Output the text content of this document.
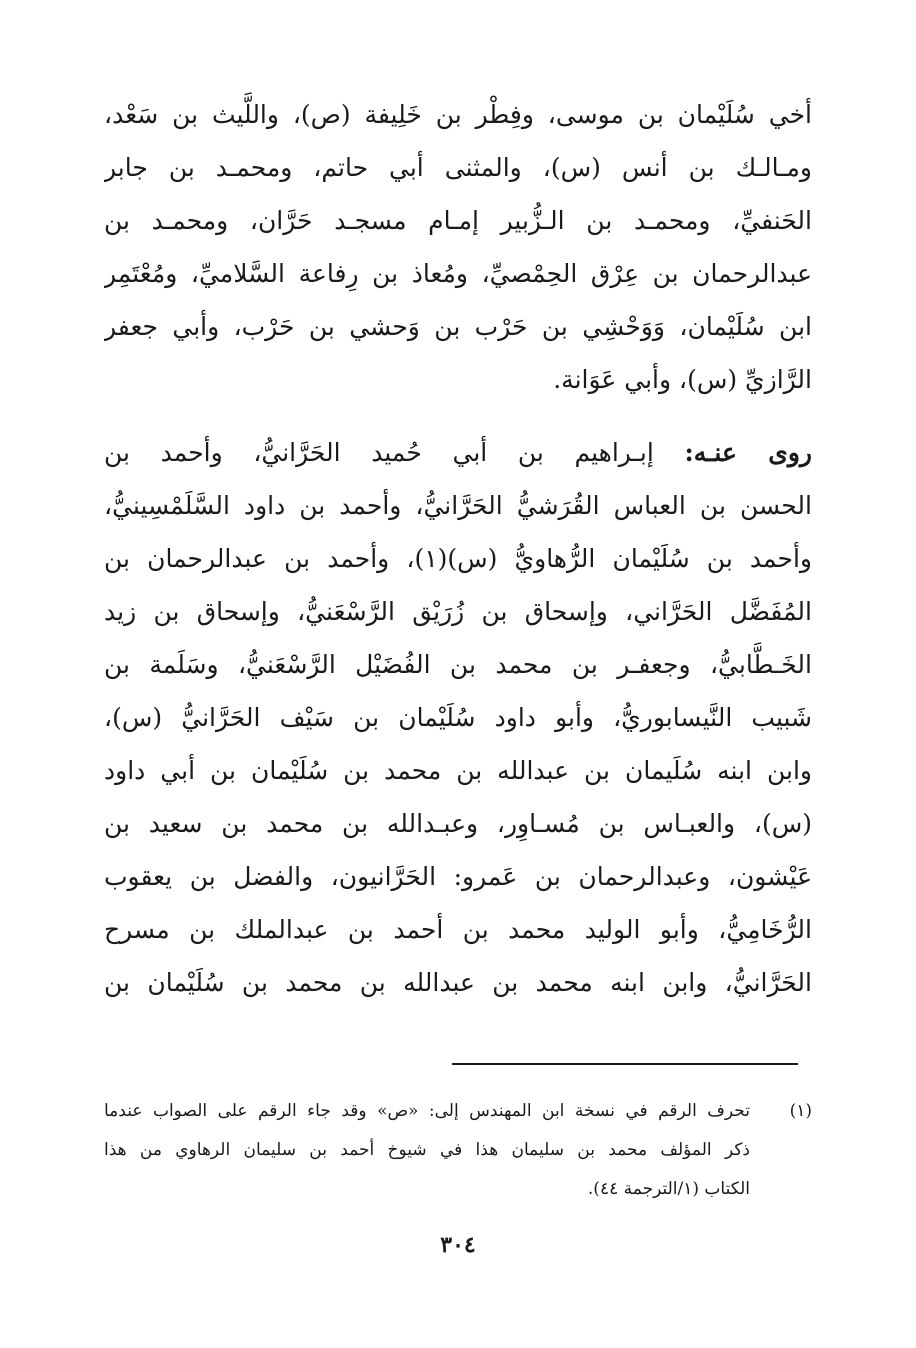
أخي سُلَيْمان بن موسى، وفِطْر بن خَلِيفة (ص)، واللَّيث بن سَعْد،
ومـالـك بن أنس (س)، والمثنى أبي حاتم، ومحمـد بن جابر
الحَنفيِّ، ومحمـد بن الـزُّبير إمـام مسجـد حَرَّان، ومحمـد بن
عبدالرحمان بن عِرْق الحِمْصيِّ، ومُعاذ بن رِفاعة السَّلاميِّ، ومُعْتَمِر
ابن سُلَيْمان، وَوَحْشِي بن حَرْب بن وَحشي بن حَرْب، وأبي جعفر
الرَّازيِّ (س)، وأبي عَوَانة.
روى عنـه: إبـراهيم بن أبي حُميد الحَرَّانيُّ، وأحمد بن
الحسن بن العباس القُرَشيُّ الحَرَّانيُّ، وأحمد بن داود السَّلَمْسِينيُّ،
وأحمد بن سُلَيْمان الرُّهاويُّ (س)(١)، وأحمد بن عبدالرحمان بن
المُفَضَّل الحَرَّاني، وإسحاق بن زُرَيْق الرَّسْعَنيُّ، وإسحاق بن زيد
الخَـطَّابيُّ، وجعفـر بن محمد بن الفُضَيْل الرَّسْعَنيُّ، وسَلَمة بن
شَبيب النَّيسابوريُّ، وأبو داود سُلَيْمان بن سَيْف الحَرَّانيُّ (س)،
وابن ابنه سُلَيمان بن عبدالله بن محمد بن سُلَيْمان بن أبي داود
(س)، والعبـاس بن مُسـاوِر، وعبـدالله بن محمد بن سعيد بن
عَيْشون، وعبدالرحمان بن عَمرو: الحَرَّانيون، والفضل بن يعقوب
الرُّخَامِيُّ، وأبو الوليد محمد بن أحمد بن عبدالملك بن مسرح
الحَرَّانيُّ، وابن ابنه محمد بن عبدالله بن محمد بن سُلَيْمان بن
(١)تحرف الرقم في نسخة ابن المهندس إلى: «ص» وقد جاء الرقم على الصواب عندما
ذكر المؤلف محمد بن سليمان هذا في شيوخ أحمد بن سليمان الرهاوي من هذا
الكتاب (١/الترجمة ٤٤).
٣٠٤
